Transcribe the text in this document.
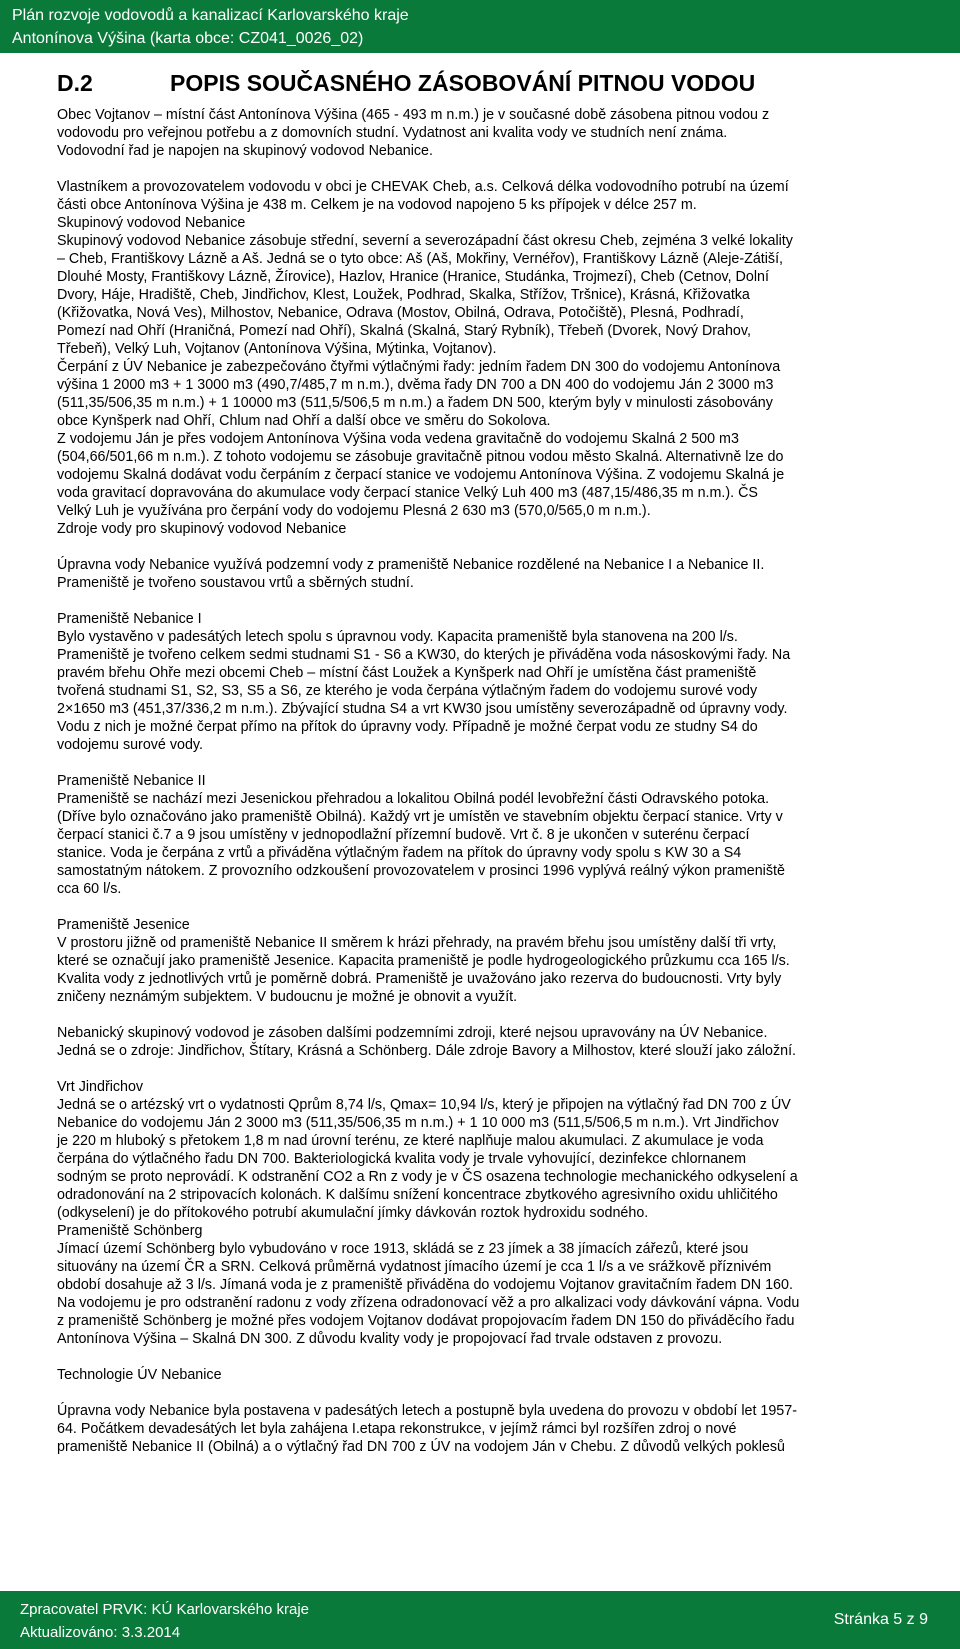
Plán rozvoje vodovodů a kanalizací Karlovarského kraje
Antonínova Výšina (karta obce: CZ041_0026_02)
D.2	POPIS SOUČASNÉHO ZÁSOBOVÁNÍ PITNOU VODOU

Obec Vojtanov – místní část Antonínova Výšina (465 - 493 m n.m.) je v současné době zásobena pitnou vodou z

vodovodu pro veřejnou potřebu a z domovních studní. Vydatnost ani kvalita vody ve studních není známa.

Vodovodní řad je napojen na skupinový vodovod Nebanice.

Vlastníkem a provozovatelem vodovodu v obci je CHEVAK Cheb, a.s. Celková délka vodovodního potrubí na území

části obce Antonínova Výšina je 438 m. Celkem je na vodovod napojeno 5 ks přípojek v délce 257 m.

Skupinový vodovod Nebanice

Skupinový vodovod Nebanice zásobuje střední, severní a severozápadní část okresu Cheb, zejména 3 velké lokality

– Cheb, Františkovy Lázně a Aš. Jedná se o tyto obce: Aš (Aš, Mokřiny, Vernéřov), Františkovy Lázně (Aleje-Zátiší,

Dlouhé Mosty, Františkovy Lázně, Žírovice), Hazlov, Hranice (Hranice, Studánka, Trojmezí), Cheb (Cetnov, Dolní

Dvory, Háje, Hradiště, Cheb, Jindřichov, Klest, Loužek, Podhrad, Skalka, Střížov, Tršnice), Krásná, Křižovatka

(Křižovatka, Nová Ves), Milhostov, Nebanice, Odrava (Mostov, Obilná, Odrava, Potočiště), Plesná, Podhradí,

Pomezí nad Ohří (Hraničná, Pomezí nad Ohří), Skalná (Skalná, Starý Rybník), Třebeň (Dvorek, Nový Drahov,

Třebeň), Velký Luh, Vojtanov (Antonínova Výšina, Mýtinka, Vojtanov).

Čerpání z ÚV Nebanice je zabezpečováno čtyřmi výtlačnými řady: jedním řadem DN 300 do vodojemu Antonínova

výšina 1 2000 m3 + 1 3000 m3 (490,7/485,7 m n.m.), dvěma řady DN 700 a DN 400 do vodojemu Ján 2 3000 m3

(511,35/506,35 m n.m.) + 1 10000 m3 (511,5/506,5 m n.m.) a řadem DN 500, kterým byly v minulosti zásobovány

obce Kynšperk nad Ohří, Chlum nad Ohří a další obce ve směru do Sokolova.

Z vodojemu Ján je přes vodojem Antonínova Výšina voda vedena gravitačně do vodojemu Skalná 2 500 m3

(504,66/501,66 m n.m.). Z tohoto vodojemu se zásobuje gravitačně pitnou vodou město Skalná. Alternativně lze do

vodojemu Skalná dodávat vodu čerpáním z čerpací stanice ve vodojemu Antonínova Výšina. Z vodojemu Skalná je

voda gravitací dopravována do akumulace vody čerpací stanice Velký Luh 400 m3 (487,15/486,35 m n.m.). ČS

Velký Luh je využívána pro čerpání vody do vodojemu Plesná 2 630 m3 (570,0/565,0 m n.m.).

Zdroje vody pro skupinový vodovod Nebanice

Úpravna vody Nebanice využívá podzemní vody z prameniště Nebanice rozdělené na Nebanice I a Nebanice II.

Prameniště je tvořeno soustavou vrtů a sběrných studní.

Prameniště Nebanice I

Bylo vystavěno v padesátých letech spolu s úpravnou vody. Kapacita prameniště byla stanovena na 200 l/s.

Prameniště je tvořeno celkem sedmi studnami S1 - S6 a KW30, do kterých je přiváděna voda násoskovými řady. Na

pravém břehu Ohře mezi obcemi Cheb – místní část Loužek a Kynšperk nad Ohří je umístěna část prameniště

tvořená studnami S1, S2, S3, S5 a S6, ze kterého je voda čerpána výtlačným řadem do vodojemu surové vody

2×1650 m3 (451,37/336,2 m n.m.). Zbývající studna S4 a vrt KW30 jsou umístěny severozápadně od úpravny vody.

Vodu z nich je možné čerpat přímo na přítok do úpravny vody. Případně je možné čerpat vodu ze studny S4 do

vodojemu surové vody.

Prameniště Nebanice II

Prameniště se nachází mezi Jesenickou přehradou a lokalitou Obilná podél levobřežní části Odravského potoka.

(Dříve bylo označováno jako prameniště Obilná). Každý vrt je umístěn ve stavebním objektu čerpací stanice. Vrty v

čerpací stanici č.7 a 9 jsou umístěny v jednopodlažní přízemní budově. Vrt č. 8 je ukončen v suterénu čerpací

stanice. Voda je čerpána z vrtů a přiváděna výtlačným řadem na přítok do úpravny vody spolu s KW 30 a S4

samostatným nátokem. Z provozního odzkoušení provozovatelem v prosinci 1996 vyplývá reálný výkon prameniště

cca 60 l/s.

Prameniště Jesenice

V prostoru jižně od prameniště Nebanice II směrem k hrázi přehrady, na pravém břehu jsou umístěny další tři vrty,

které se označují jako prameniště Jesenice. Kapacita prameniště je podle hydrogeologického průzkumu cca 165 l/s.

Kvalita vody z jednotlivých vrtů je poměrně dobrá. Prameniště je uvažováno jako rezerva do budoucnosti. Vrty byly

zničeny neznámým subjektem. V budoucnu je možné je obnovit a využít.

Nebanický skupinový vodovod je zásoben dalšími podzemními zdroji, které nejsou upravovány na ÚV Nebanice.

Jedná se o zdroje: Jindřichov, Štítary, Krásná a Schönberg. Dále zdroje Bavory a Milhostov, které slouží jako záložní.

Vrt Jindřichov

Jedná se o artézský vrt o vydatnosti Qprům 8,74 l/s, Qmax= 10,94 l/s, který je připojen na výtlačný řad DN 700 z ÚV

Nebanice do vodojemu Ján 2 3000 m3 (511,35/506,35 m n.m.) + 1 10 000 m3 (511,5/506,5 m n.m.). Vrt Jindřichov

je 220 m hluboký s přetokem 1,8 m nad úrovní terénu, ze které naplňuje malou akumulaci. Z akumulace je voda

čerpána do výtlačného řadu DN 700. Bakteriologická kvalita vody je trvale vyhovující, dezinfekce chlornanem

sodným se proto neprovádí. K odstranění CO2 a Rn z vody je v ČS osazena technologie mechanického odkyselení a

odradonování na 2 stripovacích kolonách. K dalšímu snížení koncentrace zbytkového agresivního oxidu uhličitého

(odkyselení) je do přítokového potrubí akumulační jímky dávkován roztok hydroxidu sodného.

Prameniště Schönberg

Jímací území Schönberg bylo vybudováno v roce 1913, skládá se z 23 jímek a 38 jímacích zářezů, které jsou

situovány na území ČR a SRN. Celková průměrná vydatnost jímacího území je cca 1 l/s a ve srážkově příznivém

období dosahuje až 3 l/s. Jímaná voda je z prameniště přiváděna do vodojemu Vojtanov gravitačním řadem DN 160.

Na vodojemu je pro odstranění radonu z vody zřízena odradonovací věž a pro alkalizaci vody dávkování vápna. Vodu

z prameniště Schönberg je možné přes vodojem Vojtanov dodávat propojovacím řadem DN 150 do přiváděcího řadu

Antonínova Výšina – Skalná DN 300. Z důvodu kvality vody je propojovací řad trvale odstaven z provozu.

Technologie ÚV Nebanice

Úpravna vody Nebanice byla postavena v padesátých letech a postupně byla uvedena do provozu v období let 1957-

64. Počátkem devadesátých let byla zahájena I.etapa rekonstrukce, v jejímž rámci byl rozšířen zdroj o nové

prameniště Nebanice II (Obilná) a o výtlačný řad DN 700 z ÚV na vodojem Ján v Chebu. Z důvodů velkých poklesů

Zpracovatel PRVK: KÚ Karlovarského kraje
Aktualizováno: 3.3.2014
Stránka 5 z 9
